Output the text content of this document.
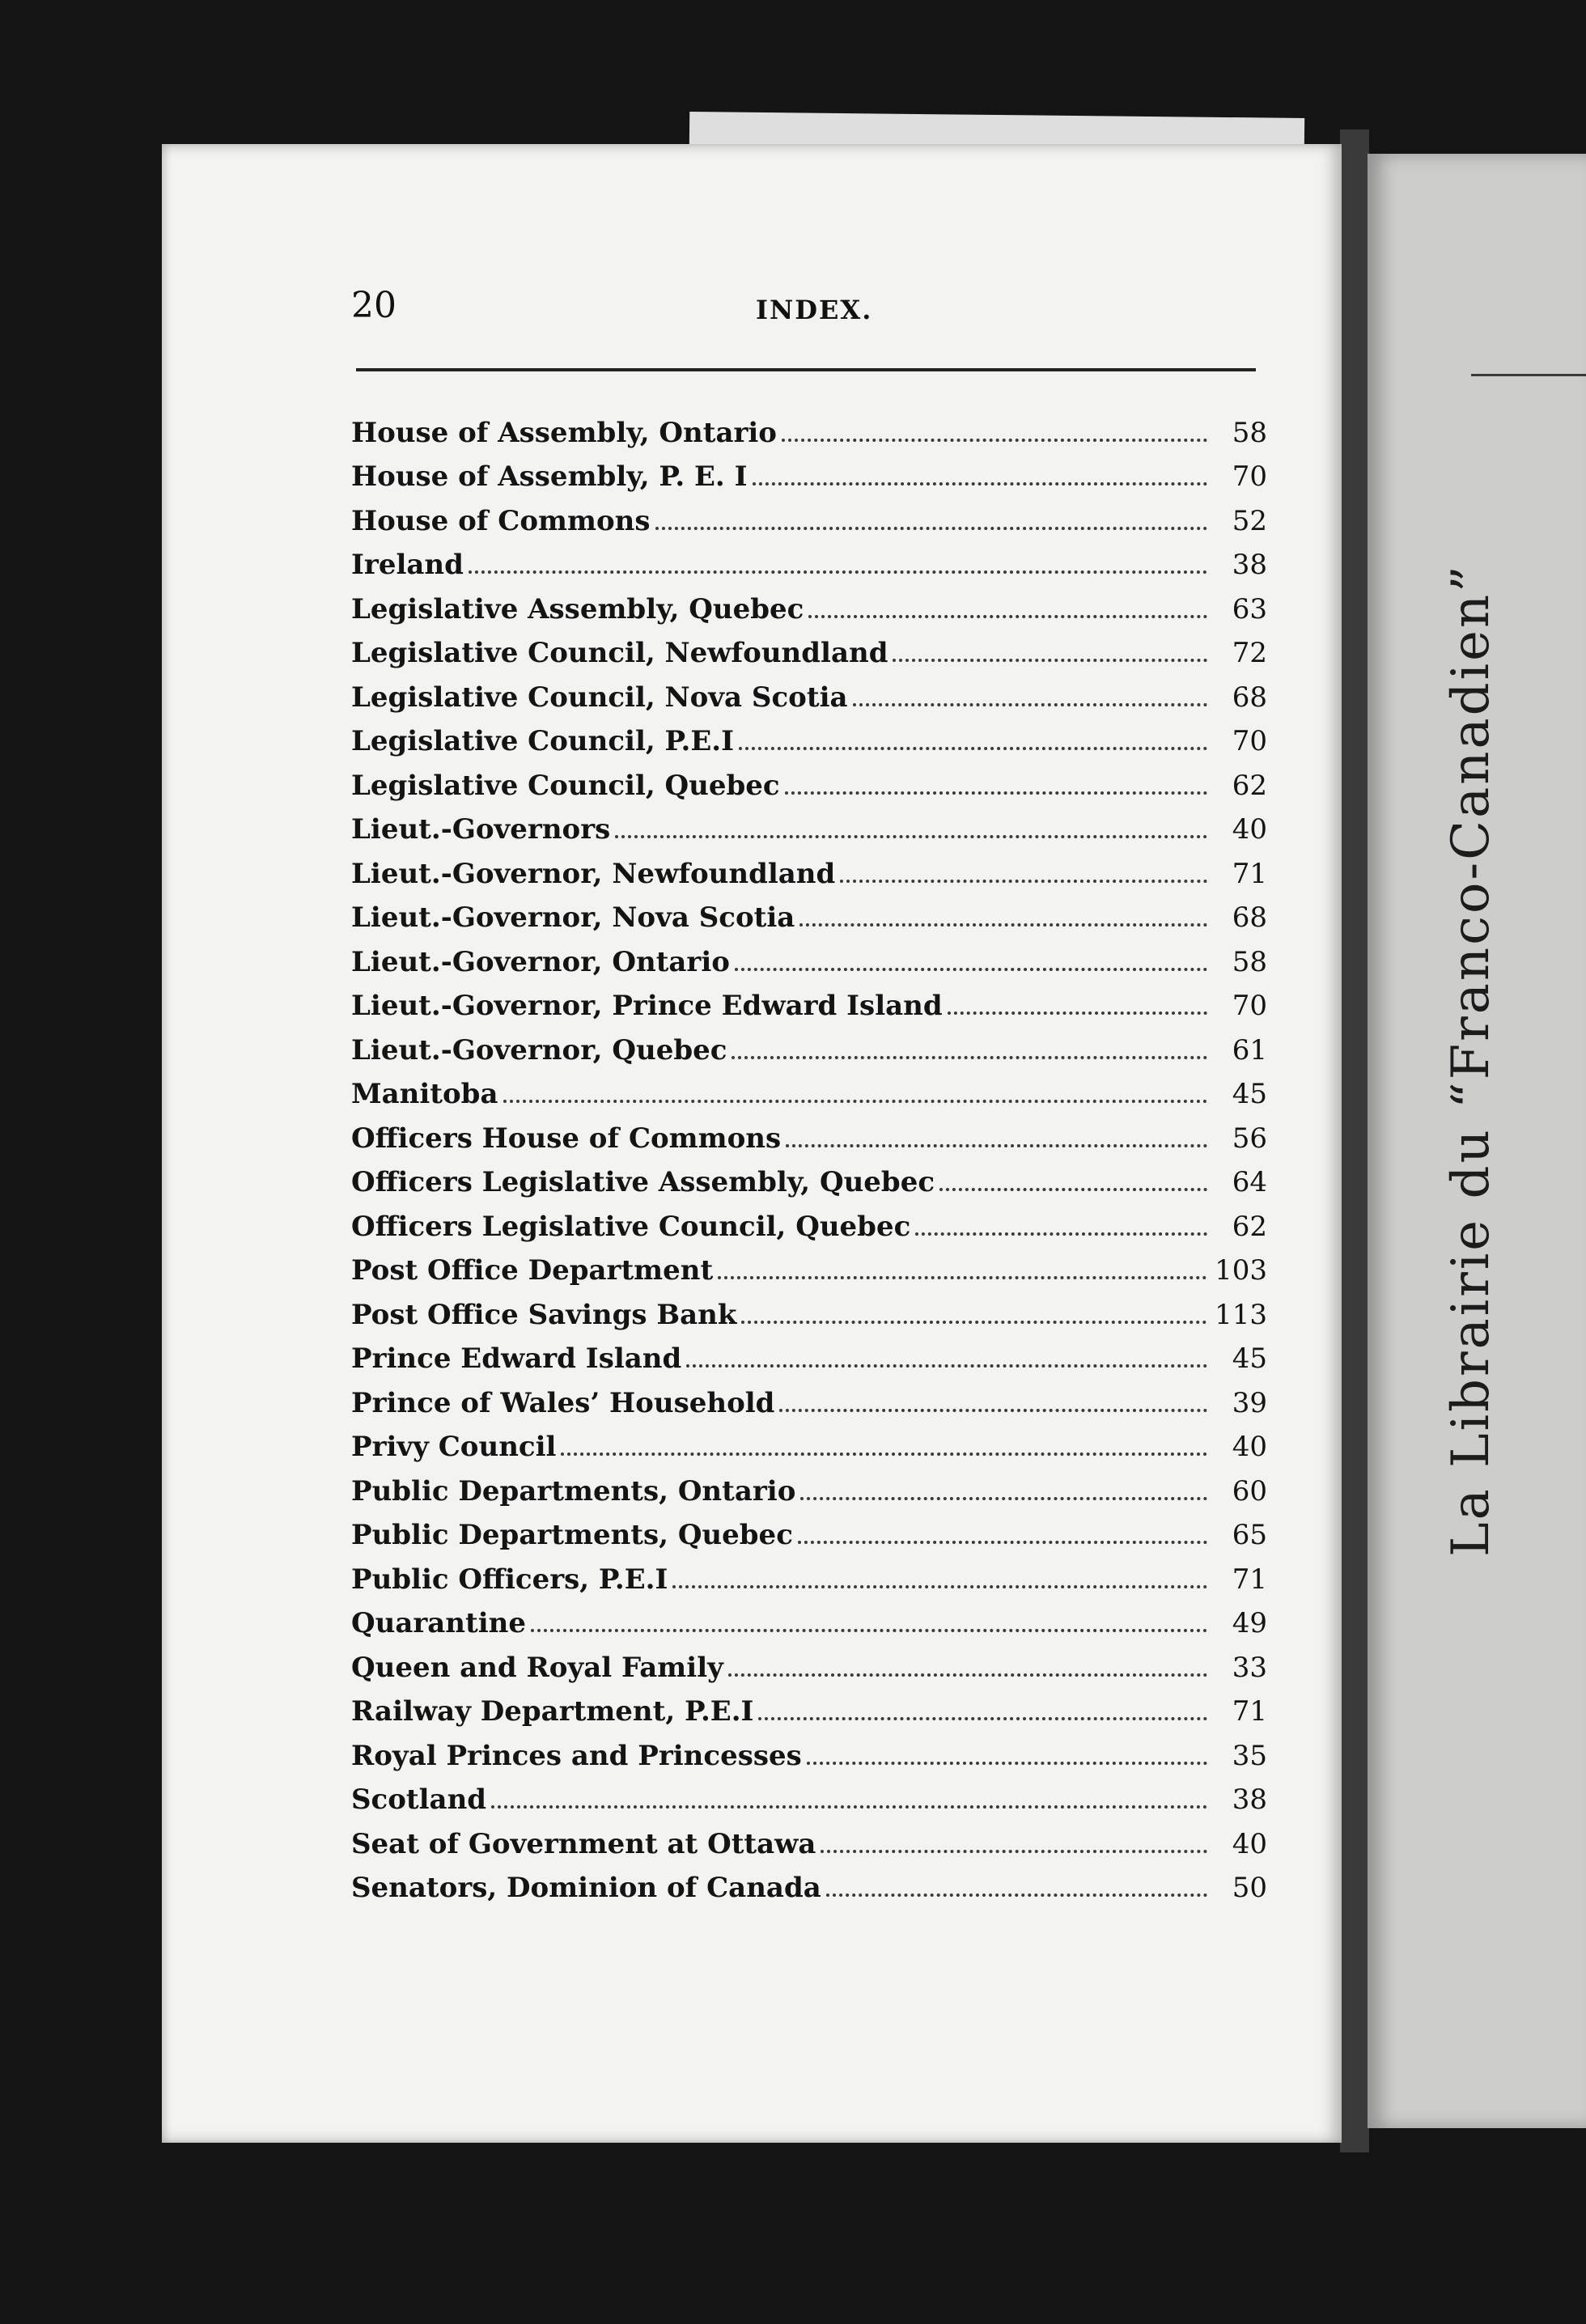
La Librairie du “Franco-Canadien”
20	INDEX.
House of Assembly, Ontario	58
House of Assembly, P. E. I	70
House of Commons	52
Ireland	38
Legislative Assembly, Quebec	63
Legislative Council, Newfoundland	72
Legislative Council, Nova Scotia	68
Legislative Council, P.E.I	70
Legislative Council, Quebec	62
Lieut.-Governors	40
Lieut.-Governor, Newfoundland	71
Lieut.-Governor, Nova Scotia	68
Lieut.-Governor, Ontario	58
Lieut.-Governor, Prince Edward Island	70
Lieut.-Governor, Quebec	61
Manitoba	45
Officers House of Commons	56
Officers Legislative Assembly, Quebec	64
Officers Legislative Council, Quebec	62
Post Office Department	103
Post Office Savings Bank	113
Prince Edward Island	45
Prince of Wales’ Household	39
Privy Council	40
Public Departments, Ontario	60
Public Departments, Quebec	65
Public Officers, P.E.I	71
Quarantine	49
Queen and Royal Family	33
Railway Department, P.E.I	71
Royal Princes and Princesses	35
Scotland	38
Seat of Government at Ottawa	40
Senators, Dominion of Canada	50
